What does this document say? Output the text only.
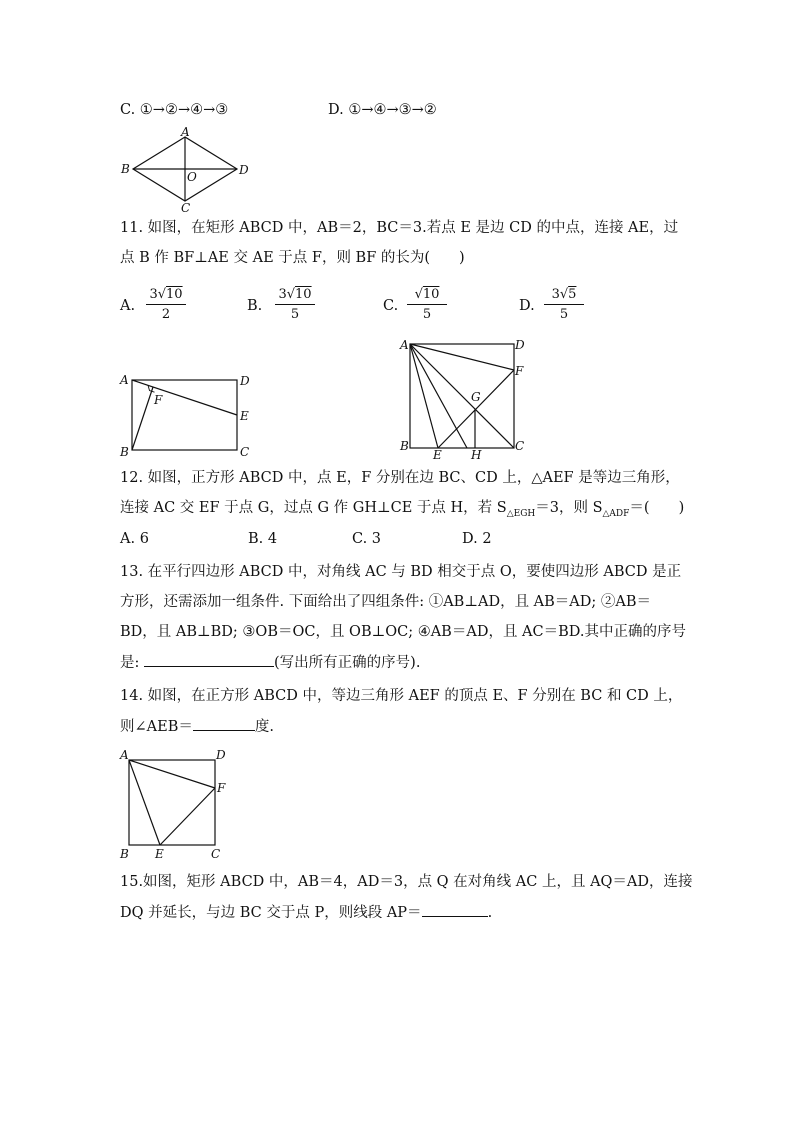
C. ①→②→④→③	D. ①→④→③→②
A
B
C
D
O
11. 如图，在矩形 ABCD 中，AB＝2，BC＝3.若点 E 是边 CD 的中点，连接 AE，过
点 B 作 BF⊥AE 交 AE 于点 F，则 BF 的长为(　　)
A. $\frac{3√10}{2}$	B. $\frac{3√10}{5}$	C. $\frac{√10}{5}$	D. $\frac{3√5}{5}$
A	D
E
F
B	C
A	D
F
G
B
E H
C
12. 如图，正方形 ABCD 中，点 E，F 分别在边 BC、CD 上，△AEF 是等边三角形，
连接 AC 交 EF 于点 G，过点 G 作 GH⊥CE 于点 H，若 $S_{\triangle EGH}=3$，则 $S_{\triangle ADF}=$(　　)
A. 6	B. 4	C. 3	D. 2
13. 在平行四边形 ABCD 中，对角线 AC 与 BD 相交于点 O，要使四边形 ABCD 是正
方形，还需添加一组条件. 下面给出了四组条件: ①AB⊥AD，且 AB＝AD; ②AB＝
BD，且 AB⊥BD; ③OB＝OC，且 OB⊥OC; ④AB＝AD，且 AC＝BD.其中正确的序号
是:	(写出所有正确的序号).
14. 如图，在正方形 ABCD 中，等边三角形 AEF 的顶点 E、F 分别在 BC 和 CD 上，
则∠AEB＝	度.
A	D
F
B E	C
15.如图，矩形 ABCD 中，AB＝4，AD＝3，点 Q 在对角线 AC 上，且 AQ＝AD，连接
DQ 并延长，与边 BC 交于点 P，则线段 AP＝	.
